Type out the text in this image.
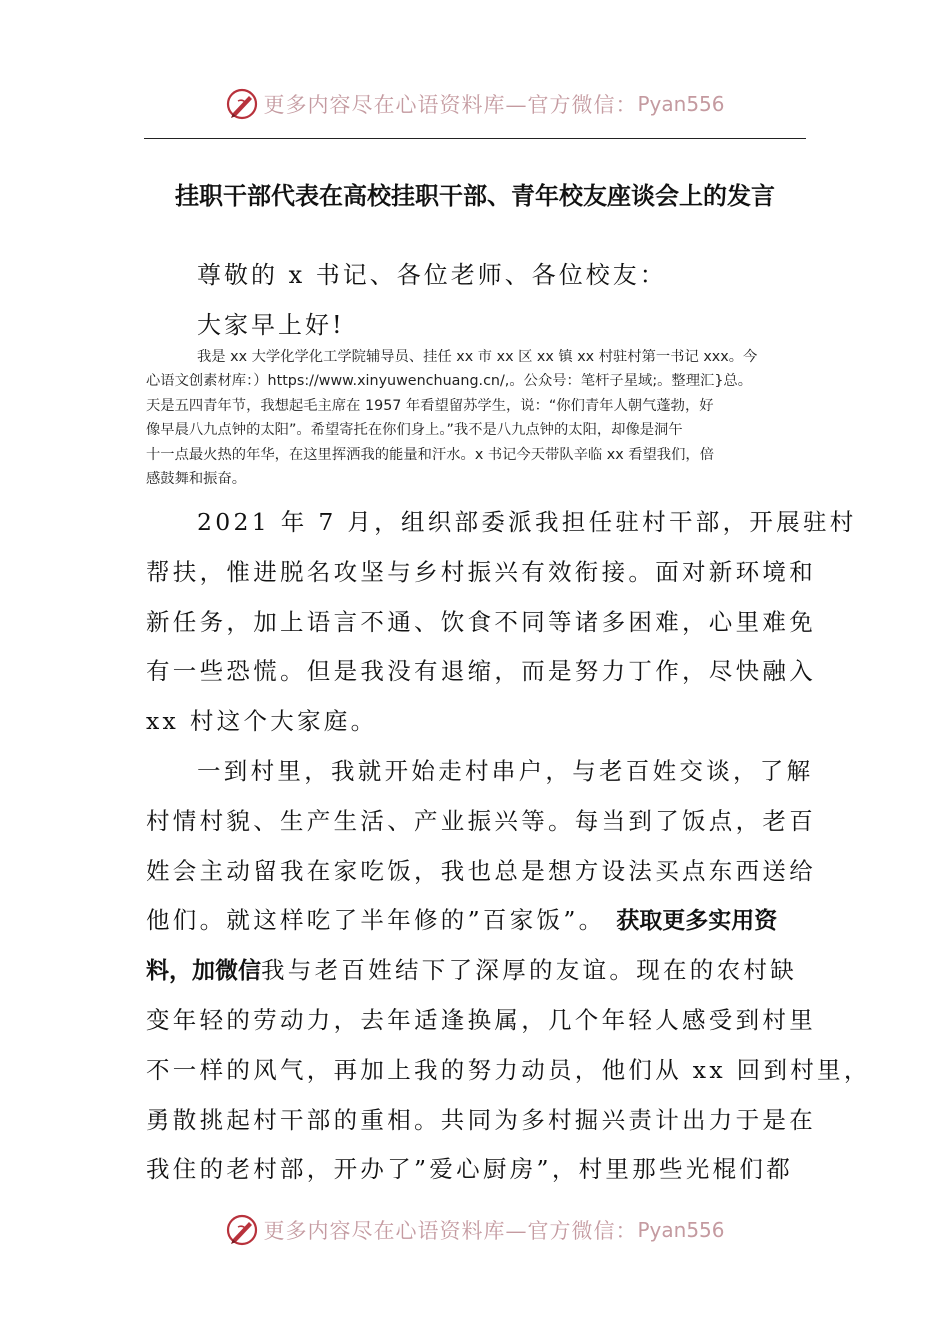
更多内容尽在心语资料库—官方微信： Pyan556
挂职干部代表在高校挂职干部、青年校友座谈会上的发言
尊敬的 x 书记、各位老师、各位校友：
大家早上好!
我是 xx 大学化学化工学院辅导员、挂任 xx 市 xx 区 xx 镇 xx 村驻村第一书记 xxx。今
心语文创素材库：）https://www.xinyuwenchuang.cn/,。公众号：笔杆子星域;。整理汇}总。
天是五四青年节，我想起毛主席在 1957 年看望留苏学生，说：“你们青年人朝气蓬勃，好
像早晨八九点钟的太阳”。希望寄托在你们身上。”我不是八九点钟的太阳，却像是洞午
十一点最火热的年华，在这里挥洒我的能量和汗水。x 书记今天带队辛临 xx 看望我们，倍
感鼓舞和振奋。
2021 年 7 月，组织部委派我担任驻村干部，开展驻村
帮扶，惟进脱名攻坚与乡村振兴有效衔接。面对新环境和
新任务，加上语言不通、饮食不同等诸多困难，心里难免
有一些恐慌。但是我没有退缩，而是努力丁作，尽快融入
xx 村这个大家庭。
一到村里，我就开始走村串户，与老百姓交谈，了解
村情村貌、生产生活、产业振兴等。每当到了饭点，老百
姓会主动留我在家吃饭，我也总是想方设法买点东西送给
他们。就这样吃了半年修的”百家饭”。 获取更多实用资
料，加微信我与老百姓结下了深厚的友谊。现在的农村缺
变年轻的劳动力，去年适逢换属，几个年轻人感受到村里
不一样的风气，再加上我的努力动员，他们从 xx 回到村里，
勇散挑起村干部的重相。共同为多村掘兴责计出力于是在
我住的老村部，开办了”爱心厨房”，村里那些光棍们都
更多内容尽在心语资料库—官方微信： Pyan556
